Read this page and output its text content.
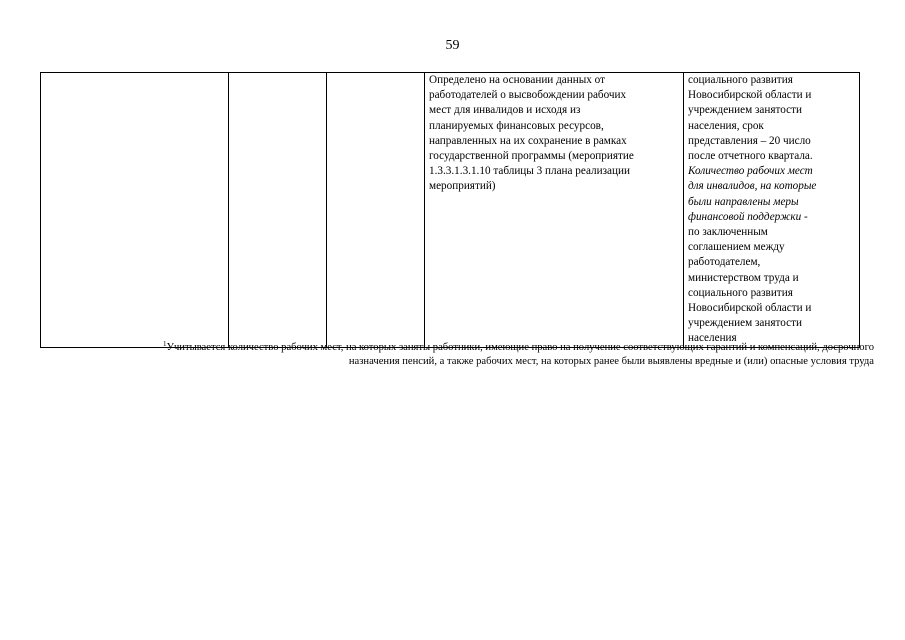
59

Определено на основании данных от
работодателей о высвобождении рабочих
мест для инвалидов и исходя из
планируемых финансовых ресурсов,
направленных на их сохранение в рамках
государственной программы (мероприятие
1.3.3.1.3.1.10 таблицы 3 плана реализации
мероприятий)

социального развития
Новосибирской области и
учреждением занятости
населения, срок
представления – 20 число
после отчетного квартала.
Количество рабочих мест
для инвалидов, на которые
были направлены меры
финансовой поддержки -
по заключенным
соглашением между
работодателем,
министерством труда и
социального развития
Новосибирской области и
учреждением занятости
населения
$^1$Учитывается количество рабочих мест, на которых заняты работники, имеющие право на получение соответствующих гарантий и компенсаций, досрочного
назначения пенсий, а также рабочих мест, на которых ранее были выявлены вредные и (или) опасные условия труда
